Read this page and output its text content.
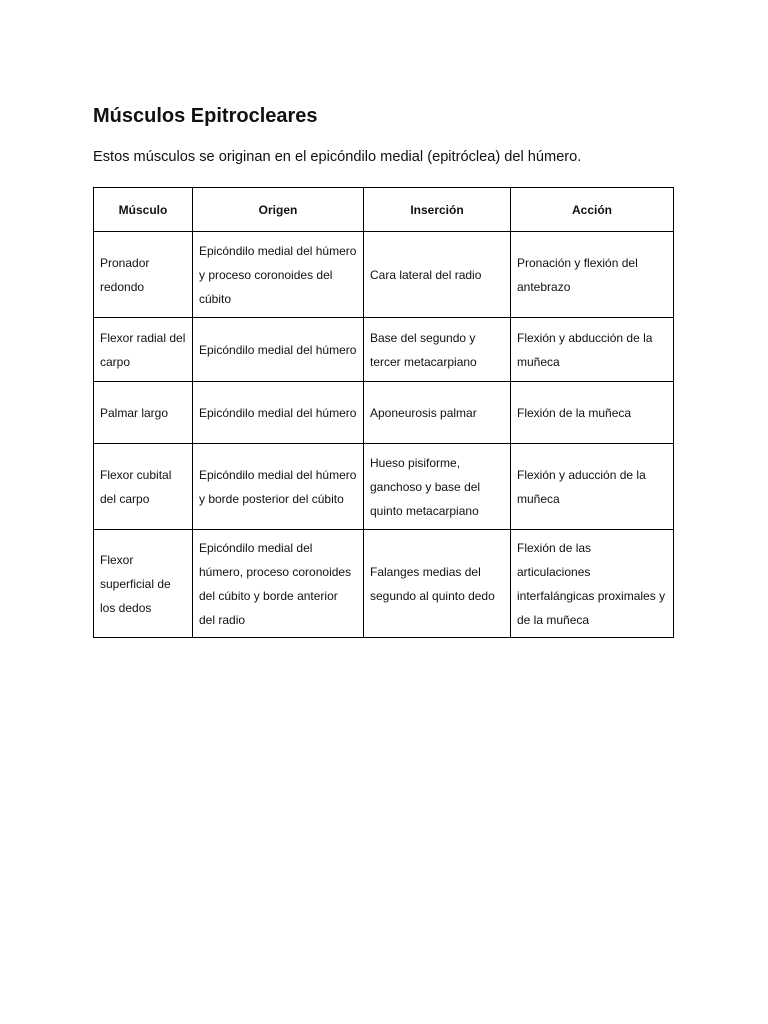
Músculos Epitrocleares

Estos músculos se originan en el epicóndilo medial (epitróclea) del húmero.

Músculo	Origen	Inserción	Acción
Pronador redondo	Epicóndilo medial del húmero y proceso coronoides del cúbito	Cara lateral del radio	Pronación y flexión del antebrazo
Flexor radial del carpo	Epicóndilo medial del húmero	Base del segundo y tercer metacarpiano	Flexión y abducción de la muñeca
Palmar largo	Epicóndilo medial del húmero	Aponeurosis palmar	Flexión de la muñeca
Flexor cubital del carpo	Epicóndilo medial del húmero y borde posterior del cúbito	Hueso pisiforme, ganchoso y base del quinto metacarpiano	Flexión y aducción de la muñeca
Flexor superficial de los dedos	Epicóndilo medial del húmero, proceso coronoides del cúbito y borde anterior del radio	Falanges medias del segundo al quinto dedo	Flexión de las articulaciones interfalángicas proximales y de la muñeca
